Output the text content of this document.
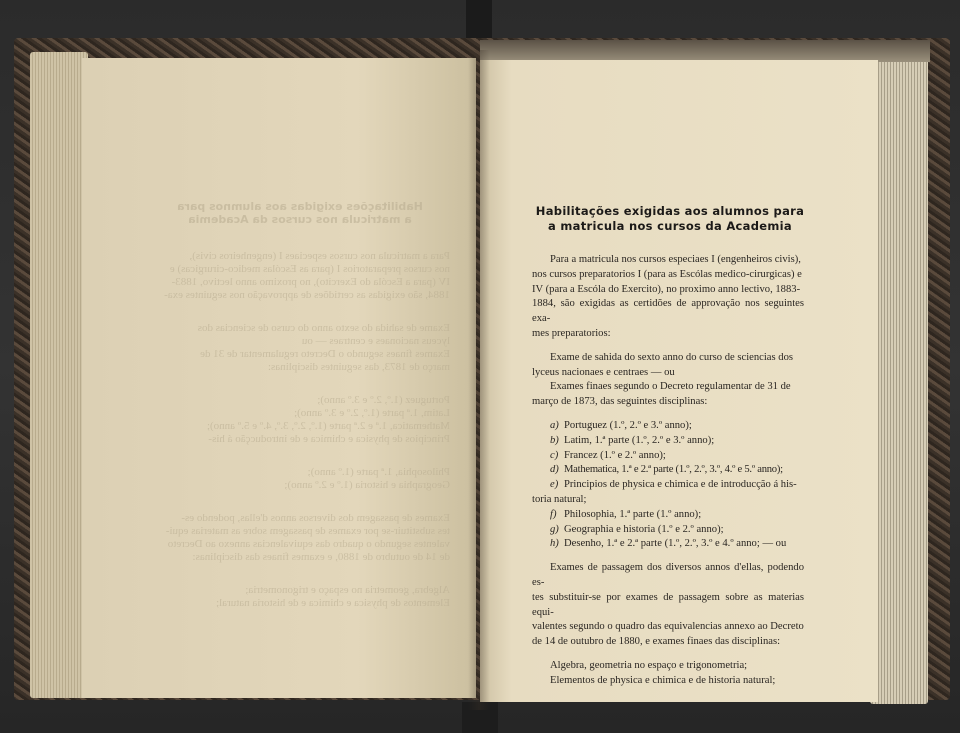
Habilitações exigidas aos alumnos para
a matricula nos cursos da Academia
Para a matricula nos cursos especiaes I (engenheiros civis),
nos cursos preparatorios I (para as Escólas medico-cirurgicas) e
IV (para a Escóla do Exercito), no proximo anno lectivo, 1883-
1884, são exigidas as certidões de approvação nos seguintes exa-
Exame de sahida do sexto anno do curso de sciencias dos
lyceus nacionaes e centraes — ou
Exames finaes segundo o Decreto regulamentar de 31 de
março de 1873, das seguintes disciplinas:
Portuguez (1.º, 2.º e 3.º anno);
Latim, 1.ª parte (1.º, 2.º e 3.º anno);
Mathematica, 1.ª e 2.ª parte (1.º, 2.º, 3.º, 4.º e 5.º anno);
Principios de physica e chimica e de introducção á his-
Philosophia, 1.ª parte (1.º anno);
Geographia e historia (1.º e 2.º anno);
Exames de passagem dos diversos annos d'ellas, podendo es-
tes substituir-se por exames de passagem sobre as materias equi-
valentes segundo o quadro das equivalencias annexo ao Decreto
de 14 de outubro de 1880, e exames finaes das disciplinas:
Algebra, geometria no espaço e trigonometria;
Elementos de physica e chimica e de historia natural;
Habilitações exigidas aos alumnos para
a matricula nos cursos da Academia

Para a matricula nos cursos especiaes I (engenheiros civis),

nos cursos preparatorios I (para as Escólas medico-cirurgicas) e

IV (para a Escóla do Exercito), no proximo anno lectivo, 1883-

1884, são exigidas as certidões de approvação nos seguintes exa-

mes preparatorios:

Exame de sahida do sexto anno do curso de sciencias dos

lyceus nacionaes e centraes — ou

Exames finaes segundo o Decreto regulamentar de 31 de

março de 1873, das seguintes disciplinas:

a) Portuguez (1.º, 2.º e 3.º anno);

b) Latim, 1.ª parte (1.º, 2.º e 3.º anno);

c) Francez (1.º e 2.º anno);

d) Mathematica, 1.ª e 2.ª parte (1.º, 2.º, 3.º, 4.º e 5.º anno);

e) Principios de physica e chimica e de introducção á his-

toria natural;

f) Philosophia, 1.ª parte (1.º anno);

g) Geographia e historia (1.º e 2.º anno);

h) Desenho, 1.ª e 2.ª parte (1.º, 2.º, 3.º e 4.º anno; — ou

Exames de passagem dos diversos annos d'ellas, podendo es-

tes substituir-se por exames de passagem sobre as materias equi-

valentes segundo o quadro das equivalencias annexo ao Decreto

de 14 de outubro de 1880, e exames finaes das disciplinas:

Algebra, geometria no espaço e trigonometria;

Elementos de physica e chimica e de historia natural;
